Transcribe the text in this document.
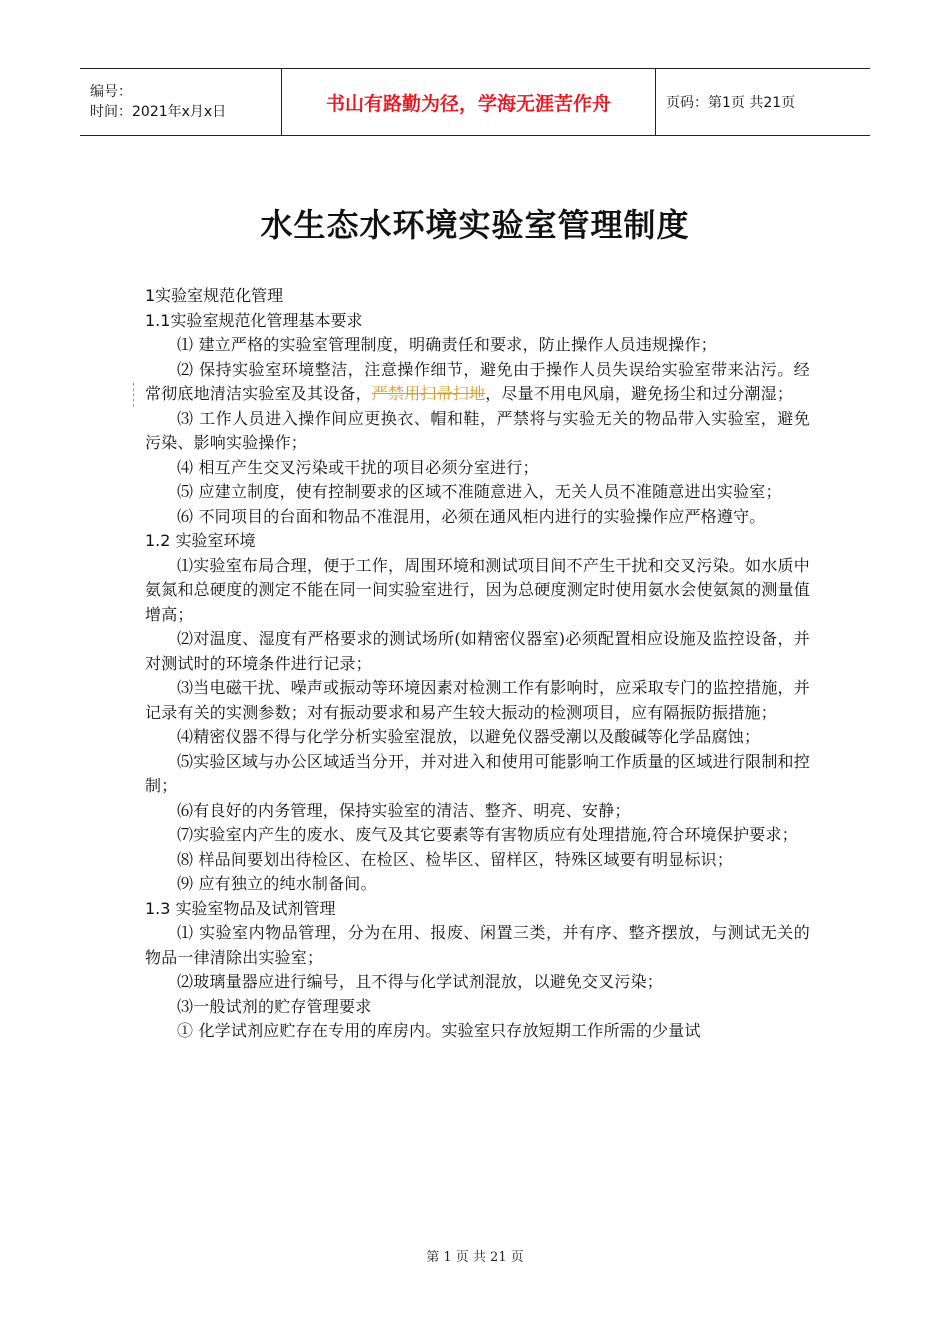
编号：
时间：2021年x月x日	书山有路勤为径，学海无涯苦作舟	页码：第1页 共21页
水生态水环境实验室管理制度
1实验室规范化管理
1.1实验室规范化管理基本要求
⑴ 建立严格的实验室管理制度，明确责任和要求，防止操作人员违规操作；
⑵ 保持实验室环境整洁，注意操作细节，避免由于操作人员失误给实验室带来沾污。经常彻底地清洁实验室及其设备，严禁用扫帚扫地，尽量不用电风扇，避免扬尘和过分潮湿；
⑶ 工作人员进入操作间应更换衣、帽和鞋，严禁将与实验无关的物品带入实验室，避免污染、影响实验操作；
⑷ 相互产生交叉污染或干扰的项目必须分室进行；
⑸ 应建立制度，使有控制要求的区域不准随意进入，无关人员不准随意进出实验室；
⑹ 不同项目的台面和物品不准混用，必须在通风柜内进行的实验操作应严格遵守。
1.2 实验室环境
⑴实验室布局合理，便于工作，周围环境和测试项目间不产生干扰和交叉污染。如水质中氨氮和总硬度的测定不能在同一间实验室进行，因为总硬度测定时使用氨水会使氨氮的测量值增高；
⑵对温度、湿度有严格要求的测试场所(如精密仪器室)必须配置相应设施及监控设备，并对测试时的环境条件进行记录；
⑶当电磁干扰、噪声或振动等环境因素对检测工作有影响时，应采取专门的监控措施，并记录有关的实测参数；对有振动要求和易产生较大振动的检测项目，应有隔振防振措施；
⑷精密仪器不得与化学分析实验室混放，以避免仪器受潮以及酸碱等化学品腐蚀；
⑸实验区域与办公区域适当分开，并对进入和使用可能影响工作质量的区域进行限制和控制；
⑹有良好的内务管理，保持实验室的清洁、整齐、明亮、安静；
⑺实验室内产生的废水、废气及其它要素等有害物质应有处理措施,符合环境保护要求；
⑻ 样品间要划出待检区、在检区、检毕区、留样区，特殊区域要有明显标识；
⑼ 应有独立的纯水制备间。
1.3 实验室物品及试剂管理
⑴ 实验室内物品管理，分为在用、报废、闲置三类，并有序、整齐摆放，与测试无关的物品一律清除出实验室；
⑵玻璃量器应进行编号，且不得与化学试剂混放，以避免交叉污染；
⑶一般试剂的贮存管理要求
① 化学试剂应贮存在专用的库房内。实验室只存放短期工作所需的少量试
第 1 页 共 21 页
